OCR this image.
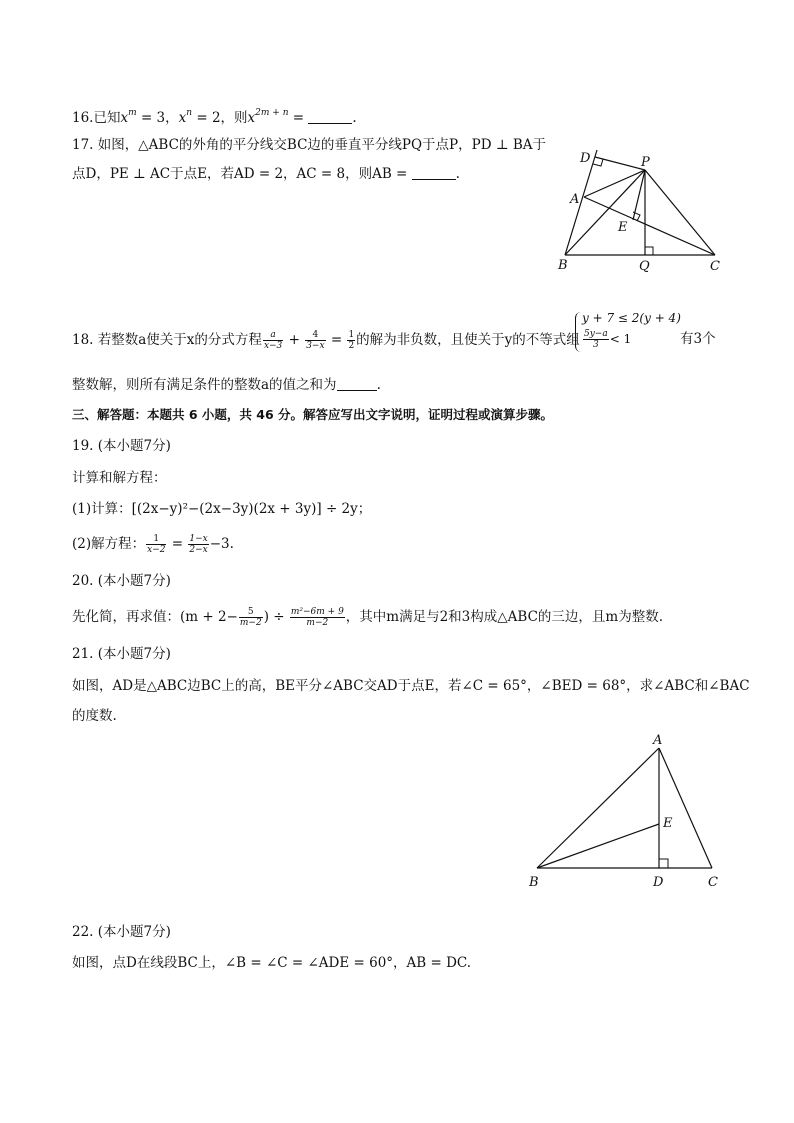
16.已知$x^m = 3$，$x^n = 2$，则$x^{2m + n}$ =	.
17. 如图，△ABC的外角的平分线交BC边的垂直平分线PQ于点P，PD ⊥ BA于
点D，PE ⊥ AC于点E，若AD = 2，AC = 8，则AB =	.
D	P
A
E
B	Q	C
18. 若整数a使关于x的分式方程 $\frac{a}{x-3} + \frac{4}{3-x} = \frac{1}{2}$ 的解为非负数，且使关于y的不等式组
y + 7 ≤ 2(y + 4)
$\frac{5y-a}{3} < 1$	有3个
整数解，则所有满足条件的整数a的值之和为	.
三、解答题：本题共 6 小题，共 46 分。解答应写出文字说明，证明过程或演算步骤。
19. (本小题7分)
计算和解方程：
(1)计算：[(2x−y)²−(2x−3y)(2x + 3y)] ÷ 2y；
(2)解方程： $\frac{1}{x-2} = \frac{1-x}{2-x} -3$.
20. (本小题7分)
先化简，再求值：($m + 2- \frac{5}{m-2}$ ) ÷ $\frac{\text{m²−6m + 9}}{m-2}$ ，其中m满足与2和3构成△ABC的三边，且m为整数.
21. (本小题7分)
如图，AD是△ABC边BC上的高，BE平分∠ABC交AD于点E，若∠C = 65°，∠BED = 68°，求∠ABC和∠BAC
的度数.
A
E
B	D	C
22. (本小题7分)
如图，点D在线段BC上，∠B = ∠C = ∠ADE = 60°，AB = DC.
